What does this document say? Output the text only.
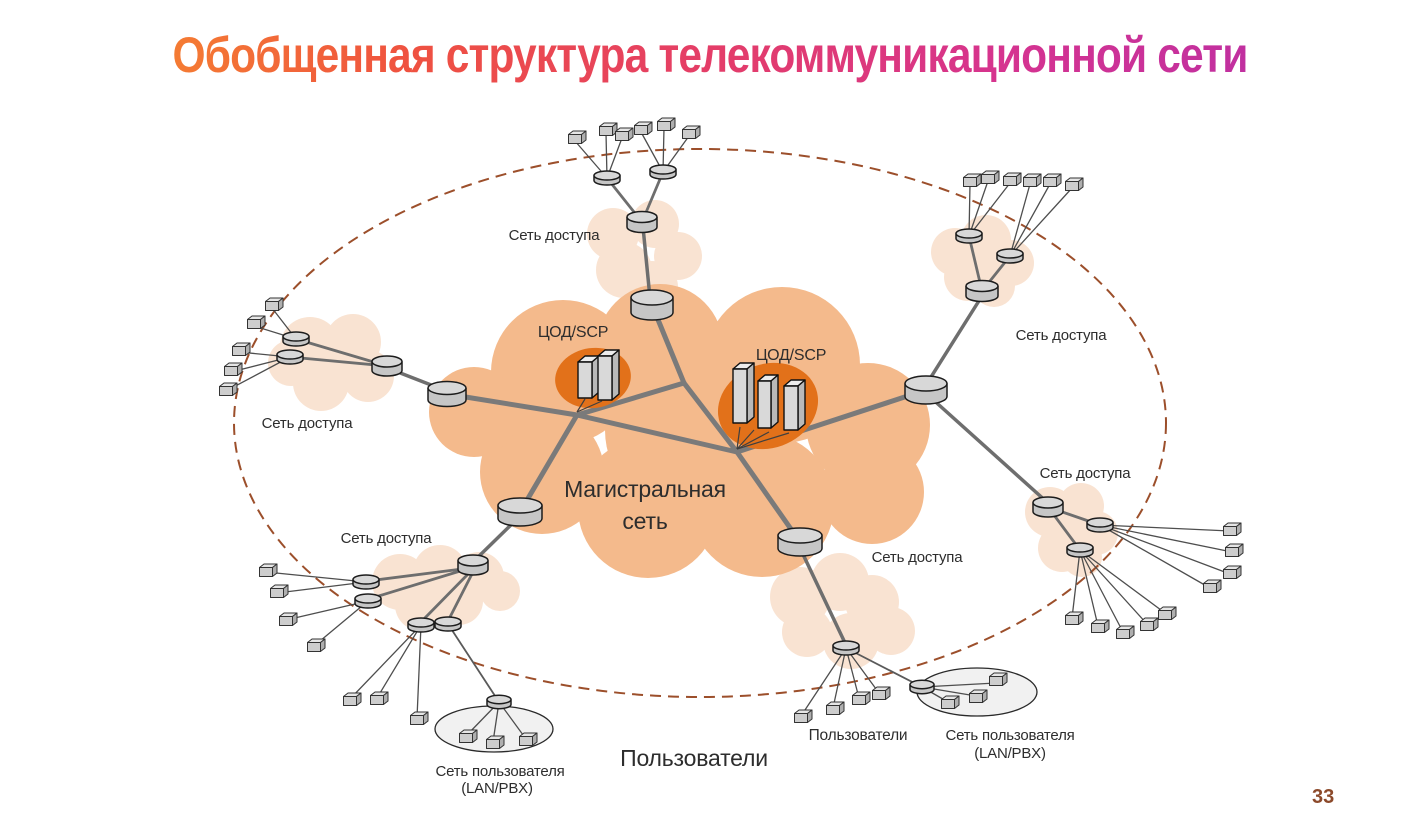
Обобщенная структура телекоммуникационной сети
Сеть доступа
Сеть доступа
Сеть доступа
Сеть доступа
Сеть доступа
Сеть доступа
ЦОД/SCP
ЦОД/SCP
Магистральная
сеть
Пользователи
Пользователи	Сеть пользователя
(LAN/PBX)
Сеть пользователя
(LAN/PBX)	33
